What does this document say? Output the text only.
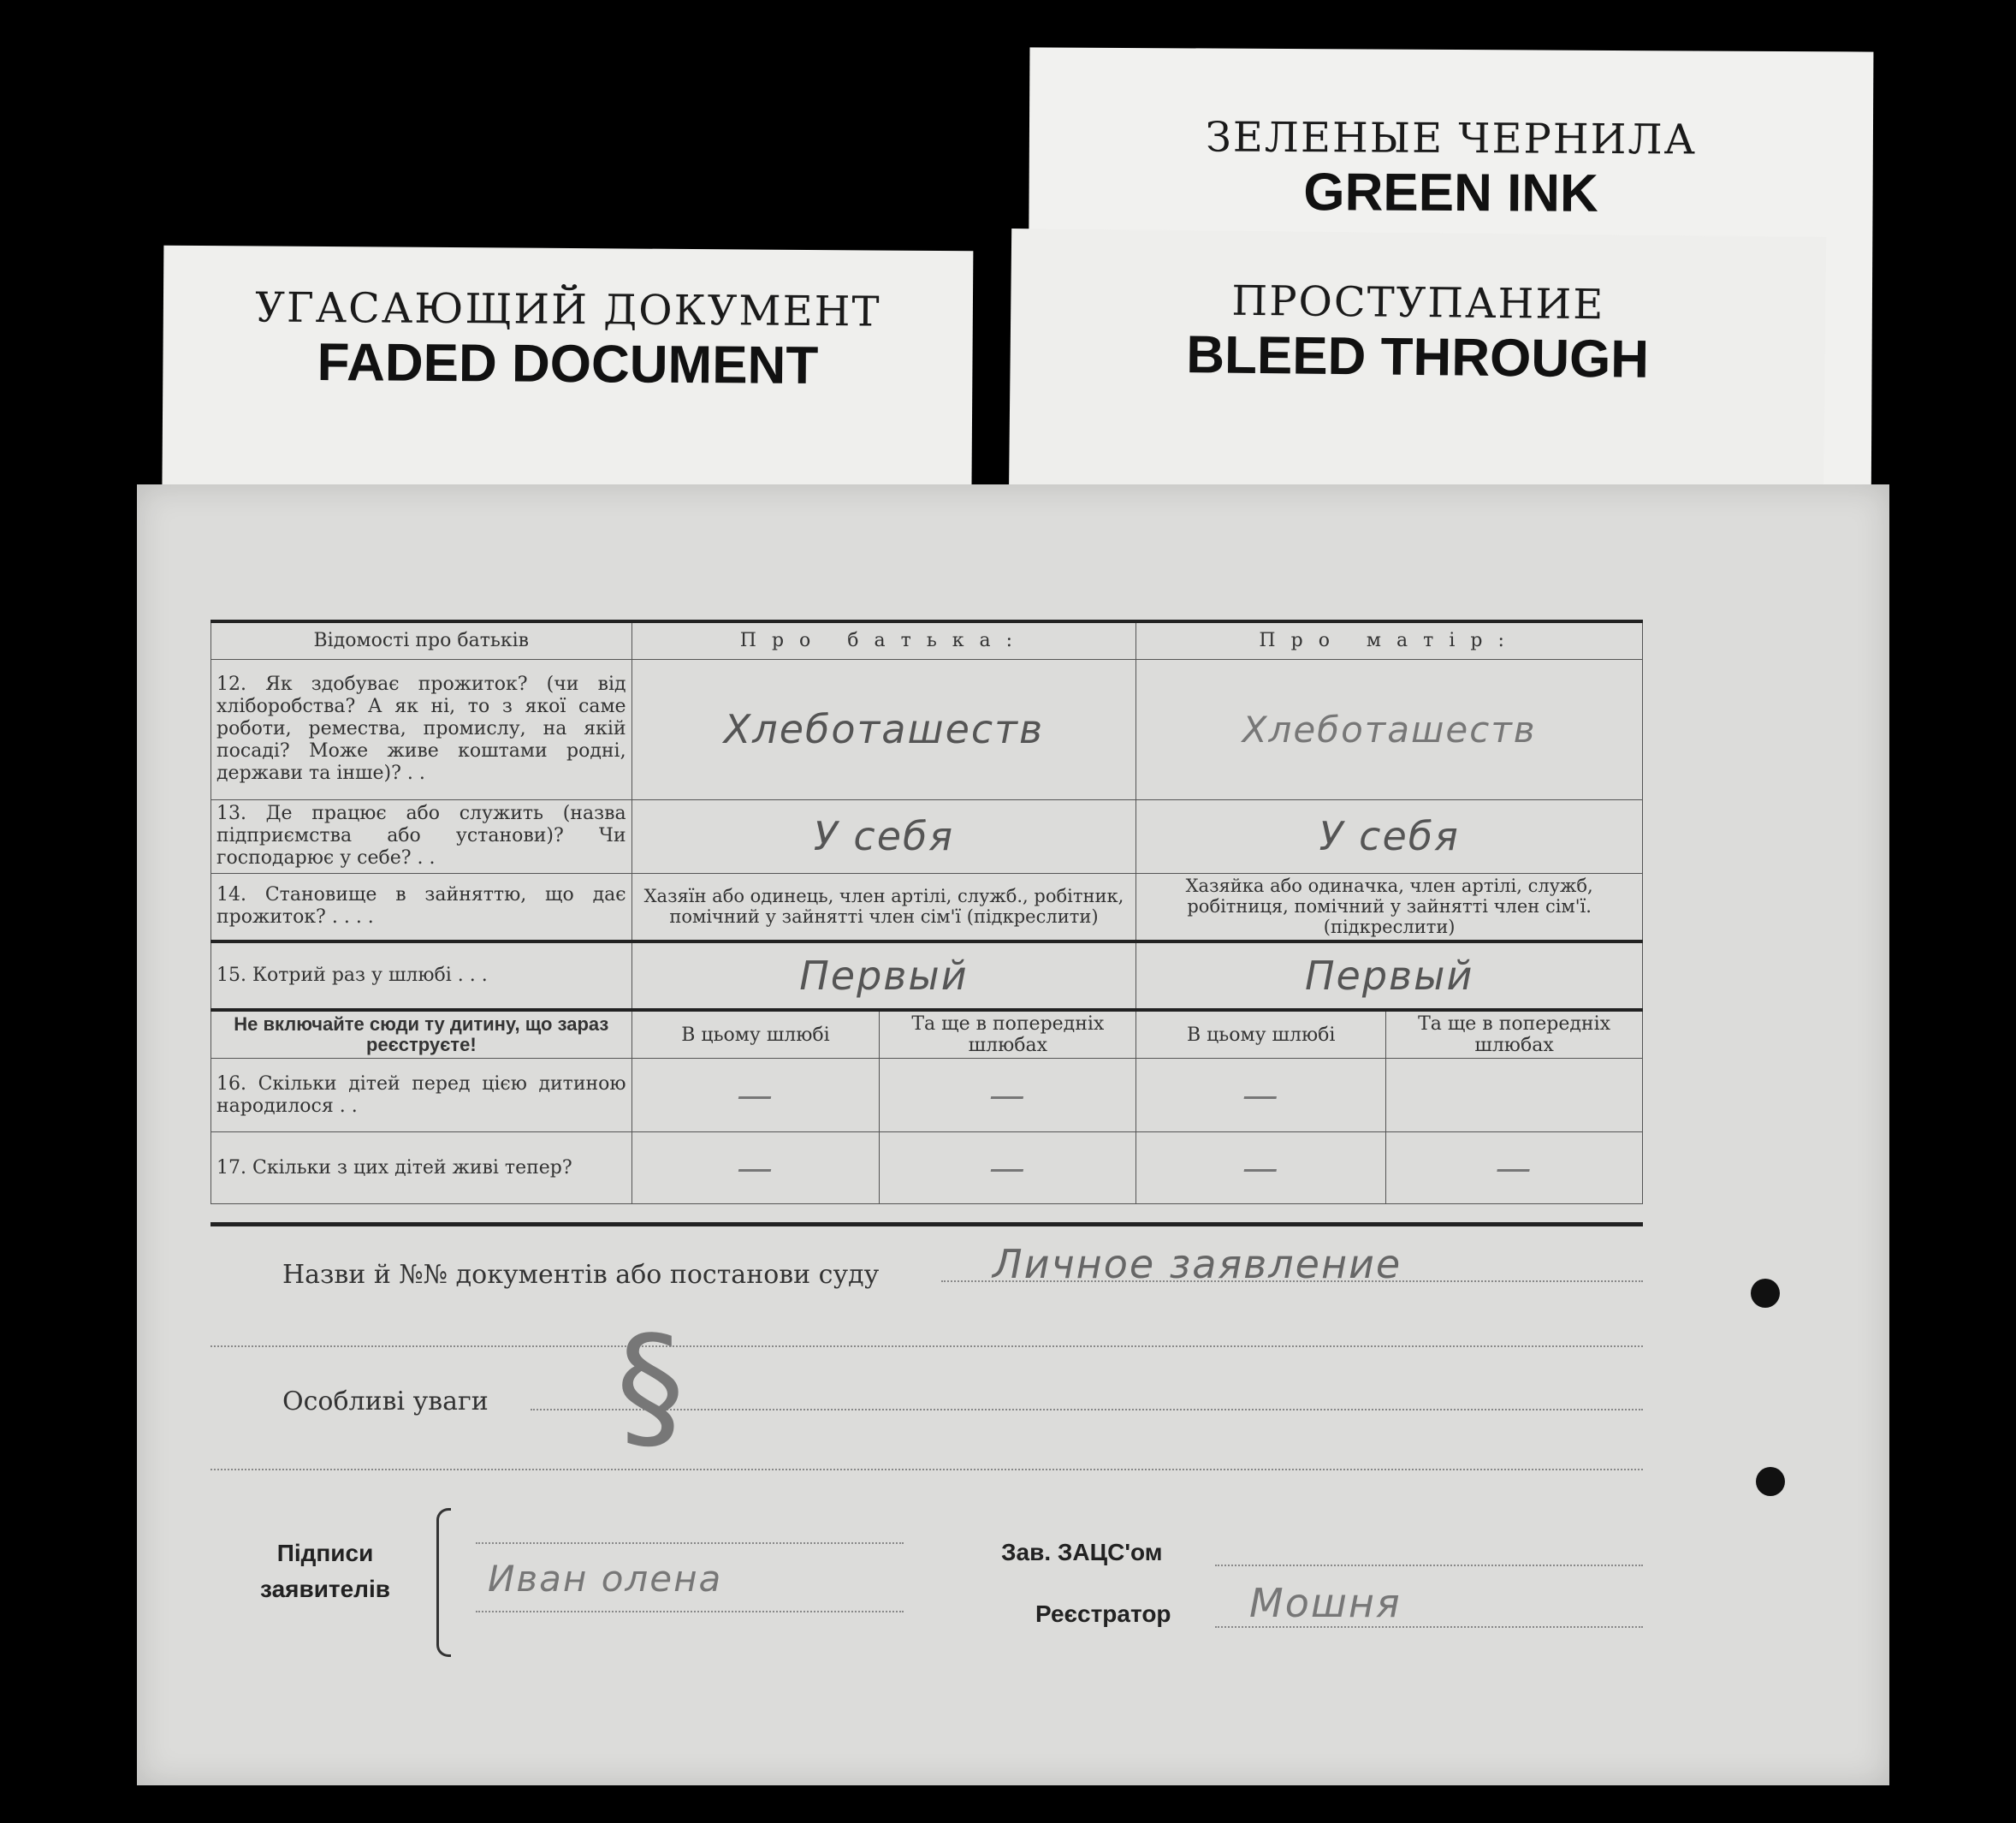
ЗЕЛЕНЫЕ ЧЕРНИЛА
GREEN INK
ПРОСТУПАНИЕ
BLEED THROUGH
УГАСАЮЩИЙ ДОКУМЕНТ
FADED DOCUMENT
Відомості про батьків	Про батька:		Про матір:	
12. Як здобуває прожиток? (чи від хліборобства? А як ні, то з якої саме роботи, ремества, промислу, на якій посаді? Може живе коштами родні, держави та інше)? . .	Хлеботашеств		Хлеботашеств	
13. Де працює або служить (назва підприємства або установи)? Чи господарює у себе? . .	У себя		У себя	
14. Становище в зайняттю, що дає прожиток? . . . .	Хазяїн або одинець, член артілі, служб., робітник, помічний у зайнятті член сім'ї (підкреслити)		Хазяйка або одиначка, член артілі, служб, робітниця, помічний у зайнятті член сім'ї. (підкреслити)	
15. Котрий раз у шлюбі . . .	Первый		Первый	
Не включайте сюди ту дитину, що зараз реєструєте!	В цьому шлюбі	Та ще в попередніх шлюбах	В цьому шлюбі	Та ще в попередніх шлюбах
16. Скільки дітей перед цією дитиною народилося . .	—	—	—	
17. Скільки з цих дітей живі тепер?	—	—	—	—
Назви й №№ документів або постанови суду	Личное заявление
Особливі уваги §
Підписи заявителів	Иван олена
Зав. ЗАЦС'ом
Реєстратор Мошня
